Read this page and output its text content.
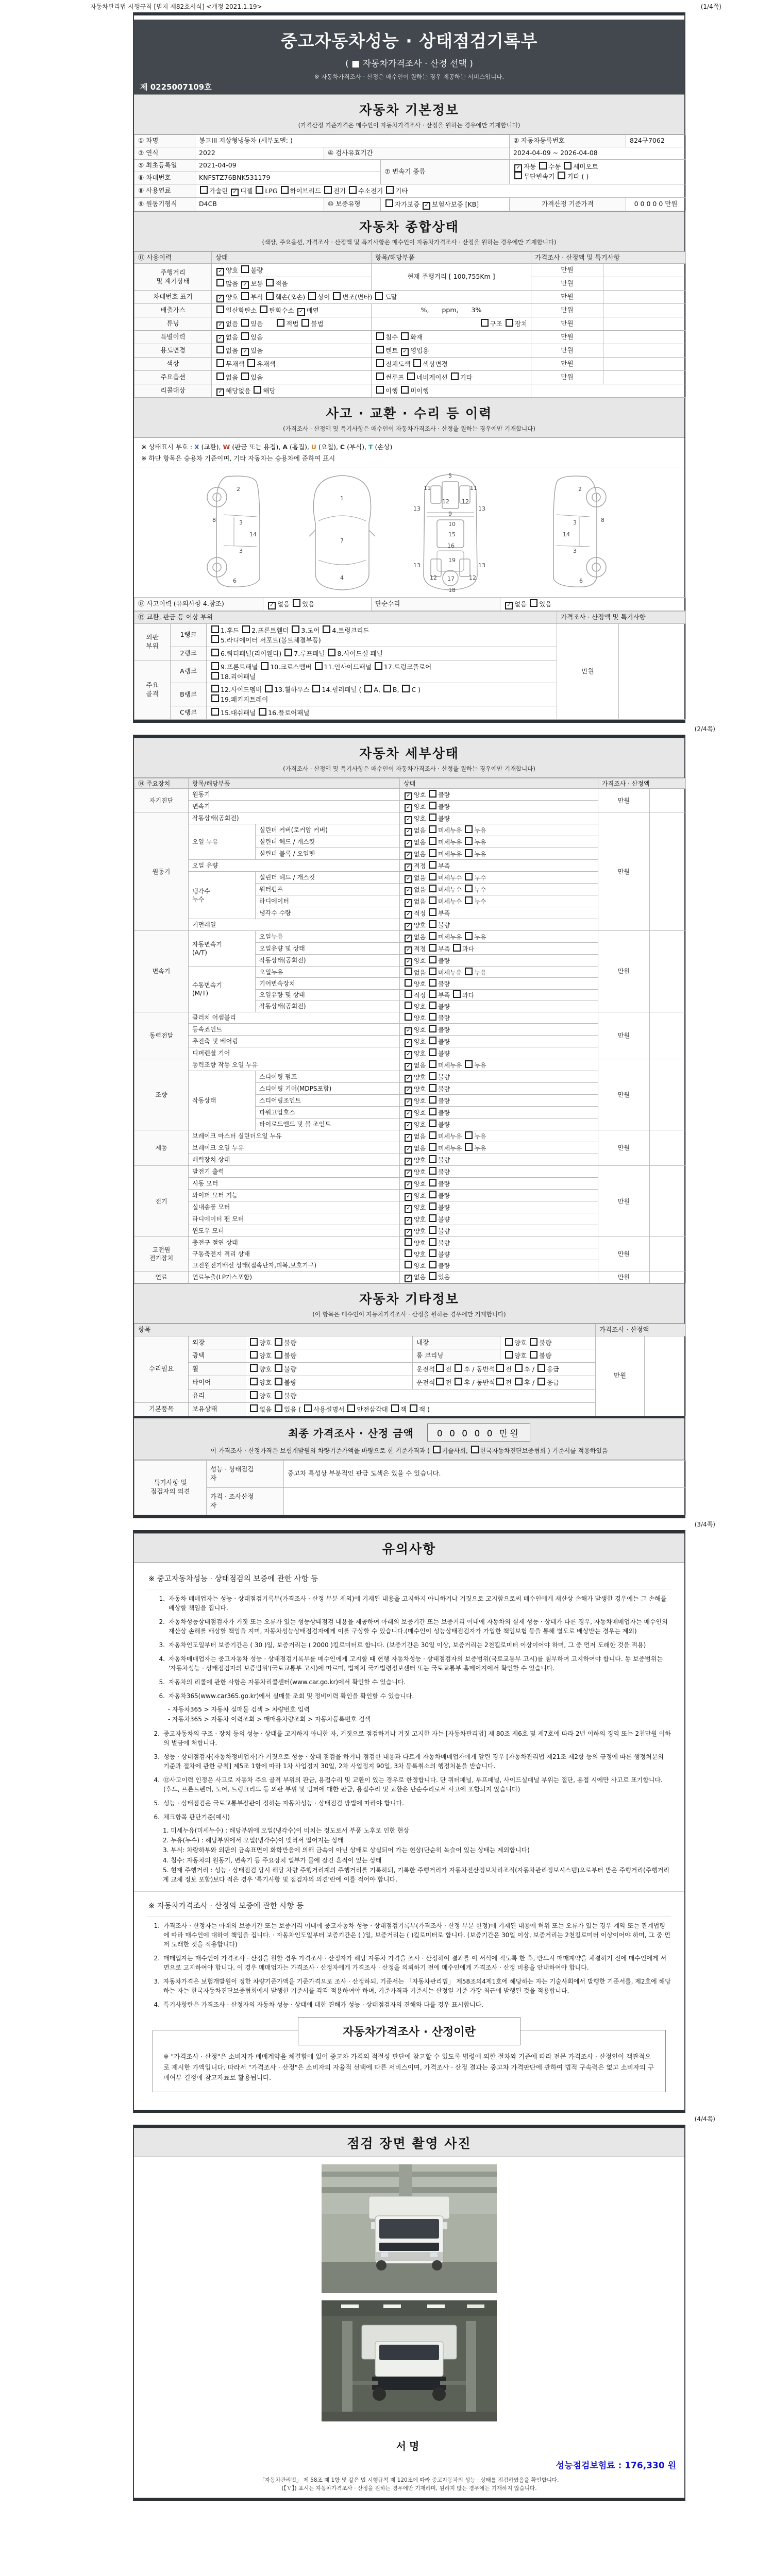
자동차관리법 시행규칙 [별지 제82호서식] <개정 2021.1.19>	(1/4쪽)
중고자동차성능 · 상태점검기록부
( ■ 자동차가격조사 · 산정 선택 )
※ 자동차가격조사 · 산정은 매수인이 원하는 경우 제공하는 서비스입니다.
제 0225007109호
자동차 기본정보
(가격산정 기준가격은 매수인이 자동차가격조사 · 산정을 원하는 경우에만 기재합니다)
① 차명	봉고III 저상형냉동차 (세부모델: )			② 자동차등록번호	824구7062
③ 연식	2022	④ 검사유효기간		2024-04-09 ~ 2026-04-08	
⑤ 최초등록일	2021-04-09		⑦ 변속기 종류	✓ 자동 수동 세미오토
무단변속기 기타 ( )	
⑥ 차대번호	KNFSTZ76BNK531179				
⑧ 사용연료	가솔린 ✓ 디젤 LPG 하이브리드 전기 수소전기 기타				
⑨ 원동기형식	D4CB	⑩ 보증유형	자가보증 ✓ 보험사보증 [KB]	가격산정 기준가격	0 0 0 0 0 만원
자동차 종합상태
(색상, 주요옵션, 가격조사 · 산정액 및 특기사항은 매수인이 자동차가격조사 · 산정을 원하는 경우에만 기재합니다)
⑪ 사용이력	상태	항목/해당부품	가격조사 · 산정액 및 특기사항	
주행거리
및 계기상태	✓ 양호 불량	현재 주행거리 [ 100,755Km ]	만원	
	많음 ✓ 보통 적음		만원	
차대번호 표기	✓ 양호 부식 훼손(오손) 상이 변조(변타) 도말		만원	
배출가스	일산화탄소 탄화수소 ✓ 매연	%,  ppm,  3%	만원	
튜닝	✓ 없음 있음  적법 불법	구조 장치	만원	
특별이력	✓ 없음 있음	침수 화재	만원	
용도변경	없음 ✓ 있음	렌트 ✓ 영업용	만원	
색상	무채색 유채색	전체도색 색상변경	만원	
주요옵션	없음 있음	썬루프 네비게이션 기타	만원	
리콜대상	✓ 해당없음 해당	이행 미이행		
사고 · 교환 · 수리 등 이력
(가격조사 · 산정액 및 특기사항은 매수인이 자동차가격조사 · 산정을 원하는 경우에만 기재합니다)
※ 상태표시 부호 : X (교환), W (판금 또는 용접), A (흠집), U (요철), C (부식), T (손상)
※ 하단 항목은 승용차 기준이며, 기타 자동차는 승용차에 준하여 표시
2
8	3
14
3
6
1
7
4
5
11	11
13	13
12 12
9
10
15
16
13	13
19
12	12
17
18
2
8
3
14
3
6
⑫ 사고이력 (유의사항 4.참조)	✓ 없음 있음	단순수리	✓ 없음 있음
⑬ 교환, 판금 등 이상 부위			가격조사 · 산정액 및 특기사항	
외판
부위	1랭크	1.후드 2.프론트휀더 3.도어 4.트렁크리드
5.라디에이터 서포트(볼트체결부품)	만원	
	2랭크	6.쿼터패널(리어휀다) 7.루프패널 8.사이드실 패널		
주요
골격	A랭크	9.프론트패널 10.크로스멤버 11.인사이드패널 17.트렁크플로어
18.리어패널		
	B랭크	12.사이드멤버 13.휠하우스 14.필러패널 ( A, B, C )
19.패키지트레이		
	C랭크	15.대쉬패널 16.플로어패널		
(2/4쪽)
자동차 세부상태
(가격조사 · 산정액 및 특기사항은 매수인이 자동차가격조사 · 산정을 원하는 경우에만 기재합니다)
⑭ 주요장치	항목/해당부품		상태	가격조사 · 산정액	
자기진단	원동기		✓ 양호 불량	만원	
	변속기		✓ 양호 불량		
원동기	작동상태(공회전)		✓ 양호 불량	만원	
	오일 누유	실린더 커버(로커암 커버)	✓ 없음 미세누유 누유		
		실린더 헤드 / 개스킷	✓ 없음 미세누유 누유		
		실린더 블록 / 오일팬	✓ 없음 미세누유 누유		
	오일 유량		✓ 적정 부족		
	냉각수
누수	실린더 헤드 / 개스킷	✓ 없음 미세누수 누수		
		워터펌프	✓ 없음 미세누수 누수		
		라디에이터	✓ 없음 미세누수 누수		
		냉각수 수량	✓ 적정 부족		
	커먼레일		✓ 양호 불량		
변속기	자동변속기
(A/T)	오일누유	✓ 없음 미세누유 누유	만원	
		오일유량 및 상태	✓ 적정 부족 과다		
		작동상태(공회전)	✓ 양호 불량		
	수동변속기
(M/T)	오일누유	없음 미세누유 누유		
		기어변속장치	양호 불량		
		오일유량 및 상태	적정 부족 과다		
		작동상태(공회전)	양호 불량		
동력전달	클러치 어셈블리		양호 불량	만원	
	등속죠인트		✓ 양호 불량		
	추진축 및 베어링		✓ 양호 불량		
	디퍼렌셜 기어		✓ 양호 불량		
조향	동력조향 작동 오일 누유		✓ 없음 미세누유 누유	만원	
	작동상태	스티어링 펌프	✓ 양호 불량		
		스티어링 기어(MDPS포함)	✓ 양호 불량		
		스티어링조인트	✓ 양호 불량		
		파워고압호스	✓ 양호 불량		
		타이로드엔드 및 볼 조인트	✓ 양호 불량		
제동	브레이크 마스터 실린더오일 누유		✓ 없음 미세누유 누유	만원	
	브레이크 오일 누유		✓ 없음 미세누유 누유		
	배력장치 상태		✓ 양호 불량		
전기	발전기 출력		✓ 양호 불량	만원	
	시동 모터		✓ 양호 불량		
	와이퍼 모터 기능		✓ 양호 불량		
	실내송풍 모터		✓ 양호 불량		
	라디에이터 팬 모터		✓ 양호 불량		
	윈도우 모터		✓ 양호 불량		
고전원
전기장치	충전구 절연 상태		양호 불량	만원	
	구동축전지 격리 상태		양호 불량		
	고전원전기배선 상태(접속단자,피복,보호기구)		양호 불량		
연료	연료누출(LP가스포함)		✓ 없음 있음	만원	
자동차 기타정보
(이 항목은 매수인이 자동차가격조사 · 산정을 원하는 경우에만 기재합니다)
항목					가격조사 · 산정액	
수리필요	외장	양호 불량	내장	양호 불량	만원	
	광택	양호 불량	룸 크리닝	양호 불량		
	휠	양호 불량	운전석 전 후 / 동반석 전 후 / 응급			
	타이어	양호 불량	운전석 전 후 / 동반석 전 후 / 응급			
	유리	양호 불량				
기본품목	보유상태	없음 있음 ( 사용설명서 안전삼각대 잭 잭 )				
최종 가격조사 · 산정 금액	0 0 0 0 0 만원
이 가격조사 · 산정가격은 보험개발원의 차량기준가액을 바탕으로 한 기준가격과 ( 기술사회, 한국자동차진단보증협회 ) 기준서를 적용하였음
특기사항 및
점검자의 의견	성능 · 상태점검
자	중고차 특성상 부분적인 판금 도색은 있을 수 있습니다.
	가격 · 조사산정
자	
(3/4쪽)
유의사항
※ 중고자동차성능 · 상태점검의 보증에 관한 사항 등
1. 자동차 매매업자는 성능 · 상태점검기록부(가격조사 · 산정 부분 제외)에 기재된 내용을 고지하지 아니하거나 거짓으로 고지함으로써 매수인에게 재산상 손해가 발생한 경우에는 그 손해를 배상할 책임을 집니다.
2. 자동차성능상태점검자가 거짓 또는 오류가 있는 성능상태점검 내용을 제공하여 아래의 보증기간 또는 보증거리 이내에 자동차의 실제 성능 · 상태가 다른 경우, 자동차매매업자는 매수인의 재산상 손해를 배상할 책임을 지며, 자동차성능상태점검자에게 이를 구상할 수 있습니다.(매수인이 성능상태점검자가 가입한 책임보험 등을 통해 별도로 배상받는 경우는 제외)
3. 자동차인도일부터 보증기간은 ( 30 )일, 보증거리는 ( 2000 )킬로미터로 합니다. (보증기간은 30일 이상, 보증거리는 2천킬로미터 이상이어야 하며, 그 중 먼저 도래한 것을 적용)
4. 자동차매매업자는 중고자동차 성능 · 상태점검기록부를 매수인에게 고지할 때 현행 자동차성능 · 상태점검자의 보증범위(국토교통부 고시)를 첨부하여 고지하여야 합니다. 동 보증범위는 '자동차성능 · 상태점검자의 보증범위'(국토교통부 고시)에 따르며, 법제처 국가법령정보센터 또는 국토교통부 홈페이지에서 확인할 수 있습니다.
5. 자동차의 리콜에 관한 사항은 자동차리콜센터(www.car.go.kr)에서 확인할 수 있습니다.
6. 자동차365(www.car365.go.kr)에서 실매물 조회 및 정비이력 확인을 확인할 수 있습니다.
- 자동차365 > 자동차 실매물 검색 > 차량번호 입력
- 자동차365 > 자동차 이력조회 > 매매용차량조회 > 자동차등록번호 검색
2. 중고자동차의 구조 · 장치 등의 성능 · 상태를 고지하지 아니한 자, 거짓으로 점검하거나 거짓 고지한 자는 [자동차관리법] 제 80조 제6호 및 제7호에 따라 2년 이하의 징역 또는 2천만원 이하의 벌금에 처합니다.
3. 성능 · 상태점검자(자동차정비업자)가 거짓으로 성능 · 상태 점검을 하거나 점검한 내용과 다르게 자동차매매업자에게 알린 경우 [자동차관리법 제21조 제2항 등의 규정에 따른 행정처분의 기준과 절차에 관한 규칙] 제5조 1항에 따라 1차 사업정지 30일, 2차 사업정지 90일, 3차 등록취소의 행정처분을 받습니다.
4. ⑫사고이력 인정은 사고로 자동차 주요 골격 부위의 판금, 용접수리 및 교환이 있는 경우로 한정합니다. 단 쿼터패널, 루프패널, 사이드실패널 부위는 절단, 용접 시에만 사고로 표기합니다. (후드, 프론트펜더, 도어, 트렁크리드 등 외판 부위 및 범퍼에 대한 판금, 용접수리 및 교환은 단순수리로서 사고에 포함되지 않습니다)
5. 성능 · 상태점검은 국토교통부장관이 정하는 자동차성능 · 상태점검 방법에 따라야 합니다.
6. 체크항목 판단기준(예시)
1. 미세누유(미세누수) : 해당부위에 오일(냉각수)이 비치는 정도로서 부품 노후로 인한 현상
2. 누유(누수) : 해당부위에서 오일(냉각수)이 맺혀서 떨어지는 상태
3. 부식: 차량하부와 외판의 금속표면이 화학반응에 의해 금속이 아닌 상태로 상실되어 가는 현상(단순히 녹슬어 있는 상태는 제외합니다)
4. 침수: 자동차의 원동기, 변속기 등 주요장치 일부가 물에 잠긴 흔적이 있는 상태
5. 현재 주행거리 : 성능 · 상태점검 당시 해당 차량 주행거리계의 주행거리를 기록하되, 기록한 주행거리가 자동차전산정보처리조직(자동차관리정보시스템)으로부터 받은 주행거리(주행거리계 교체 정보 포함)보다 적은 경우 '특기사항 및 점검자의 의견'란에 이를 적어야 합니다.
※ 자동차가격조사 · 산정의 보증에 관한 사항 등
1. 가격조사 · 산정자는 아래의 보증기간 또는 보증거리 이내에 중고자동차 성능 · 상태점검기록부(가격조사 · 산정 부분 한정)에 기재된 내용에 허위 또는 오류가 있는 경우 계약 또는 관계법령에 따라 매수인에 대하여 책임을 집니다. · 자동차인도일부터 보증기간은 ( )일, 보증거리는 ( )킬로미터로 합니다. (보증기간은 30일 이상, 보증거리는 2천킬로미터 이상이어야 하며, 그 중 먼저 도래한 것을 적용합니다)
2. 매매업자는 매수인이 가격조사 · 산정을 원할 경우 가격조사 · 산정자가 해당 자동차 가격을 조사 · 산정하여 결과를 이 서식에 적도록 한 후, 반드시 매매계약을 체결하기 전에 매수인에게 서면으로 고지하여야 합니다. 이 경우 매매업자는 가격조사 · 산정자에게 가격조사 · 산정을 의뢰하기 전에 매수인에게 가격조사 · 산정 비용을 안내하여야 합니다.
3. 자동차가격은 보험개발원이 정한 차량기준가액을 기준가격으로 조사 · 산정하되, 기준서는 「자동차관리법」 제58조의4제1호에 해당하는 자는 기술사회에서 발행한 기준서를, 제2호에 해당하는 자는 한국자동차진단보증협회에서 발행한 기준서를 각각 적용하여야 하며, 기준가격과 기준서는 산정일 기준 가장 최근에 발행된 것을 적용합니다.
4. 특기사항란은 가격조사 · 산정자의 자동차 성능 · 상태에 대한 견해가 성능 · 상태점검자의 견해와 다를 경우 표시합니다.
자동차가격조사 · 산정이란
※ "가격조사 · 산정"은 소비자가 매매계약을 체결함에 있어 중고차 가격의 적절성 판단에 참고할 수 있도록 법령에 의한 절차와 기준에 따라 전문 가격조사 · 산정인이 객관적으로 제시한 가액입니다. 따라서 "가격조사 · 산정"은 소비자의 자율적 선택에 따른 서비스이며, 가격조사 · 산정 결과는 중고차 가격판단에 관하여 법적 구속력은 없고 소비자의 구매여부 결정에 참고자료로 활용됩니다.
(4/4쪽)
점검 장면 촬영 사진
서명
성능점검보험료 : 176,330 원
「자동차관리법」 제 58조 제 1항 및 같은 법 시행규칙 제 120조에 따라 중고자동차의 성능 · 상태를 점검하였음을 확인합니다.
(【Ｖ】) 표시는 자동차가격조사 · 산정을 원하는 경우에만 기재하며, 원하지 않는 경우에는 기재하지 않습니다.
